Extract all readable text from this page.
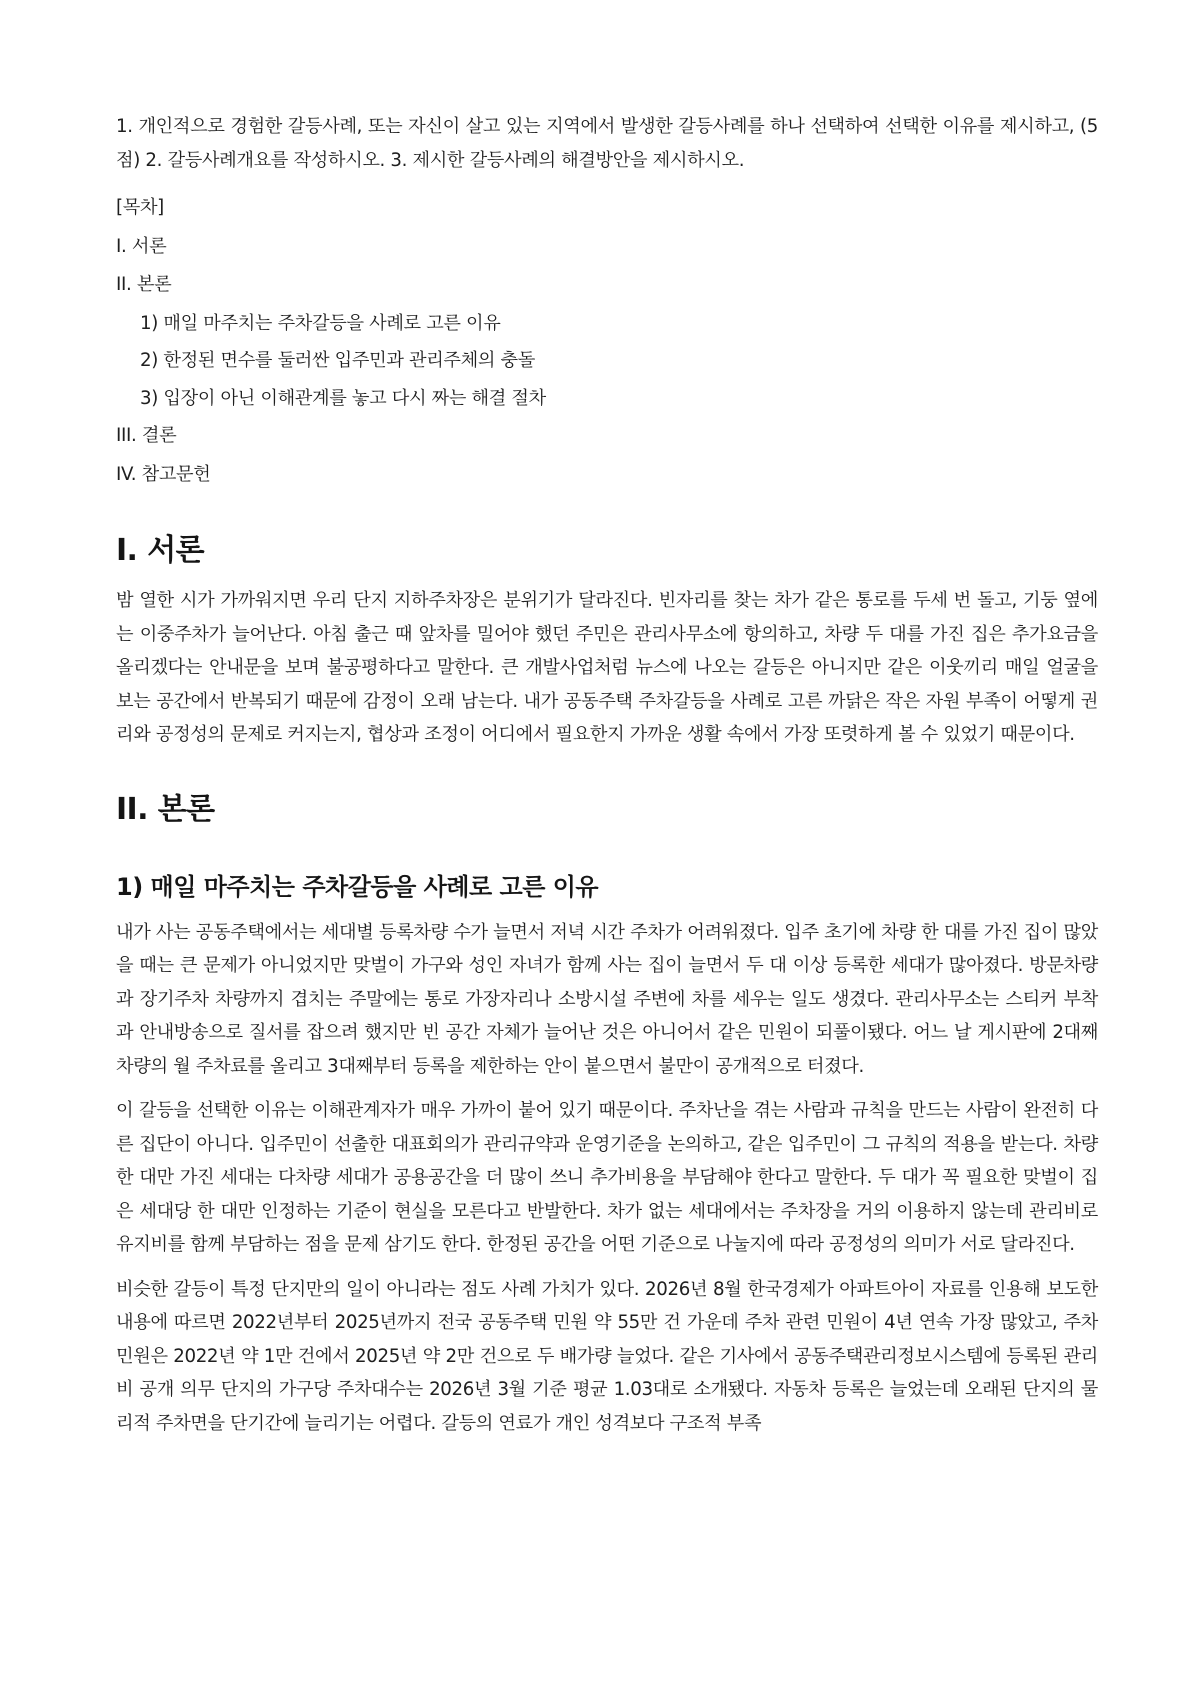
1. 개인적으로 경험한 갈등사례, 또는 자신이 살고 있는 지역에서 발생한 갈등사례를 하나 선택하여 선택한 이유를 제시하고, (5점) 2. 갈등사례개요를 작성하시오. 3. 제시한 갈등사례의 해결방안을 제시하시오.

[목차]

I. 서론

II. 본론

1) 매일 마주치는 주차갈등을 사례로 고른 이유

2) 한정된 면수를 둘러싼 입주민과 관리주체의 충돌

3) 입장이 아닌 이해관계를 놓고 다시 짜는 해결 절차

III. 결론

IV. 참고문헌

I. 서론

밤 열한 시가 가까워지면 우리 단지 지하주차장은 분위기가 달라진다. 빈자리를 찾는 차가 같은 통로를 두세 번 돌고, 기둥 옆에는 이중주차가 늘어난다. 아침 출근 때 앞차를 밀어야 했던 주민은 관리사무소에 항의하고, 차량 두 대를 가진 집은 추가요금을 올리겠다는 안내문을 보며 불공평하다고 말한다. 큰 개발사업처럼 뉴스에 나오는 갈등은 아니지만 같은 이웃끼리 매일 얼굴을 보는 공간에서 반복되기 때문에 감정이 오래 남는다. 내가 공동주택 주차갈등을 사례로 고른 까닭은 작은 자원 부족이 어떻게 권리와 공정성의 문제로 커지는지, 협상과 조정이 어디에서 필요한지 가까운 생활 속에서 가장 또렷하게 볼 수 있었기 때문이다.

II. 본론
1) 매일 마주치는 주차갈등을 사례로 고른 이유

내가 사는 공동주택에서는 세대별 등록차량 수가 늘면서 저녁 시간 주차가 어려워졌다. 입주 초기에 차량 한 대를 가진 집이 많았을 때는 큰 문제가 아니었지만 맞벌이 가구와 성인 자녀가 함께 사는 집이 늘면서 두 대 이상 등록한 세대가 많아졌다. 방문차량과 장기주차 차량까지 겹치는 주말에는 통로 가장자리나 소방시설 주변에 차를 세우는 일도 생겼다. 관리사무소는 스티커 부착과 안내방송으로 질서를 잡으려 했지만 빈 공간 자체가 늘어난 것은 아니어서 같은 민원이 되풀이됐다. 어느 날 게시판에 2대째 차량의 월 주차료를 올리고 3대째부터 등록을 제한하는 안이 붙으면서 불만이 공개적으로 터졌다.

이 갈등을 선택한 이유는 이해관계자가 매우 가까이 붙어 있기 때문이다. 주차난을 겪는 사람과 규칙을 만드는 사람이 완전히 다른 집단이 아니다. 입주민이 선출한 대표회의가 관리규약과 운영기준을 논의하고, 같은 입주민이 그 규칙의 적용을 받는다. 차량 한 대만 가진 세대는 다차량 세대가 공용공간을 더 많이 쓰니 추가비용을 부담해야 한다고 말한다. 두 대가 꼭 필요한 맞벌이 집은 세대당 한 대만 인정하는 기준이 현실을 모른다고 반발한다. 차가 없는 세대에서는 주차장을 거의 이용하지 않는데 관리비로 유지비를 함께 부담하는 점을 문제 삼기도 한다. 한정된 공간을 어떤 기준으로 나눌지에 따라 공정성의 의미가 서로 달라진다.

비슷한 갈등이 특정 단지만의 일이 아니라는 점도 사례 가치가 있다. 2026년 8월 한국경제가 아파트아이 자료를 인용해 보도한 내용에 따르면 2022년부터 2025년까지 전국 공동주택 민원 약 55만 건 가운데 주차 관련 민원이 4년 연속 가장 많았고, 주차 민원은 2022년 약 1만 건에서 2025년 약 2만 건으로 두 배가량 늘었다. 같은 기사에서 공동주택관리정보시스템에 등록된 관리비 공개 의무 단지의 가구당 주차대수는 2026년 3월 기준 평균 1.03대로 소개됐다. 자동차 등록은 늘었는데 오래된 단지의 물리적 주차면을 단기간에 늘리기는 어렵다. 갈등의 연료가 개인 성격보다 구조적 부족
